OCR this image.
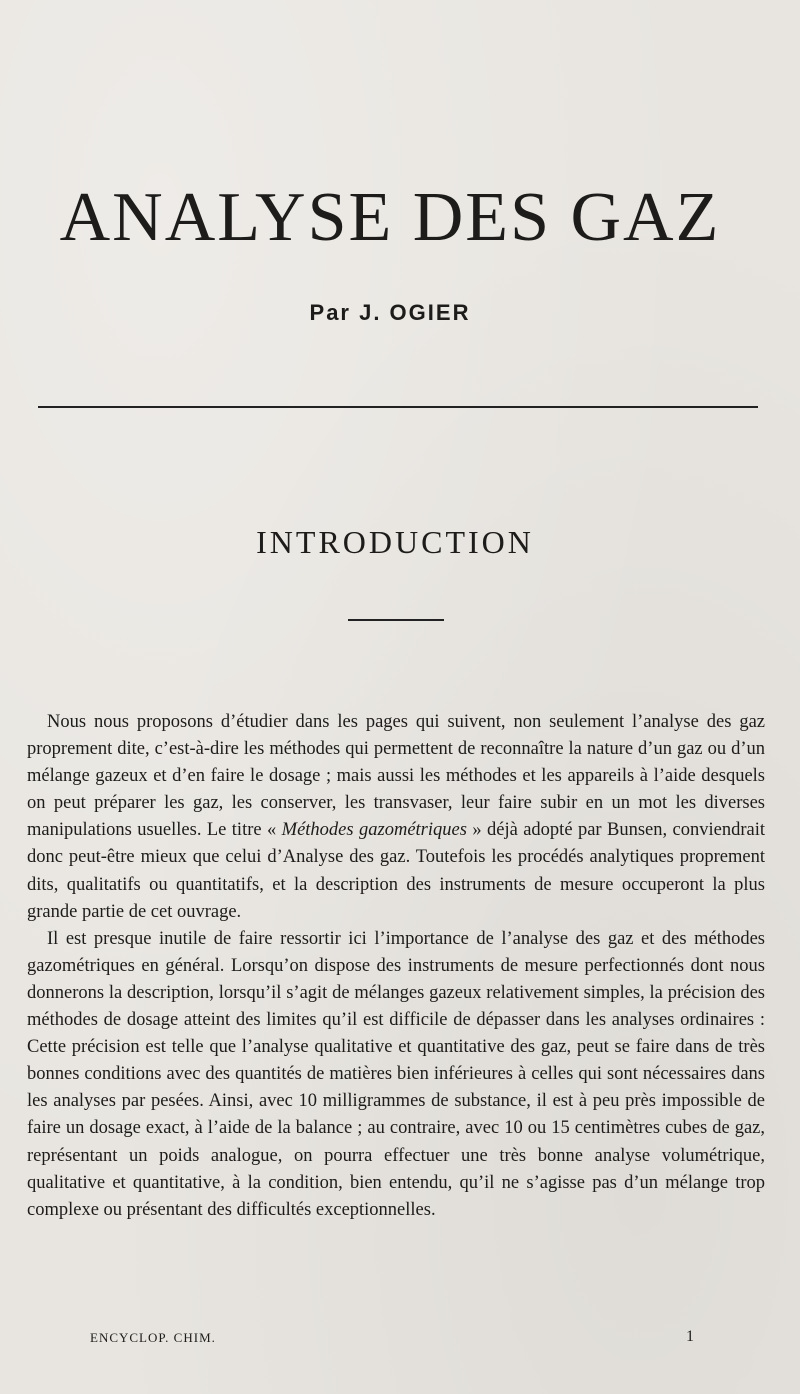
ANALYSE DES GAZ
Par J. OGIER
INTRODUCTION

Nous nous proposons d’étudier dans les pages qui suivent, non seulement l’analyse des gaz proprement dite, c’est-à-dire les méthodes qui permettent de reconnaître la nature d’un gaz ou d’un mélange gazeux et d’en faire le dosage ; mais aussi les méthodes et les appareils à l’aide desquels on peut préparer les gaz, les conserver, les transvaser, leur faire subir en un mot les diverses manipulations usuelles. Le titre « Méthodes gazométriques » déjà adopté par Bunsen, conviendrait donc peut-être mieux que celui d’Analyse des gaz. Toutefois les procédés analytiques proprement dits, qualitatifs ou quantitatifs, et la description des instruments de mesure occuperont la plus grande partie de cet ouvrage.

Il est presque inutile de faire ressortir ici l’importance de l’analyse des gaz et des méthodes gazométriques en général. Lorsqu’on dispose des instruments de mesure perfectionnés dont nous donnerons la description, lorsqu’il s’agit de mélanges gazeux relativement simples, la précision des méthodes de dosage atteint des limites qu’il est difficile de dépasser dans les analyses ordinaires : Cette précision est telle que l’analyse qualitative et quantitative des gaz, peut se faire dans de très bonnes conditions avec des quantités de matières bien inférieures à celles qui sont nécessaires dans les analyses par pesées. Ainsi, avec 10 milligrammes de substance, il est à peu près impossible de faire un dosage exact, à l’aide de la balance ; au contraire, avec 10 ou 15 centimètres cubes de gaz, représentant un poids analogue, on pourra effectuer une très bonne analyse volumétrique, qualitative et quantitative, à la condition, bien entendu, qu’il ne s’agisse pas d’un mélange trop complexe ou présentant des difficultés exceptionnelles.

ENCYCLOP. CHIM.	1
